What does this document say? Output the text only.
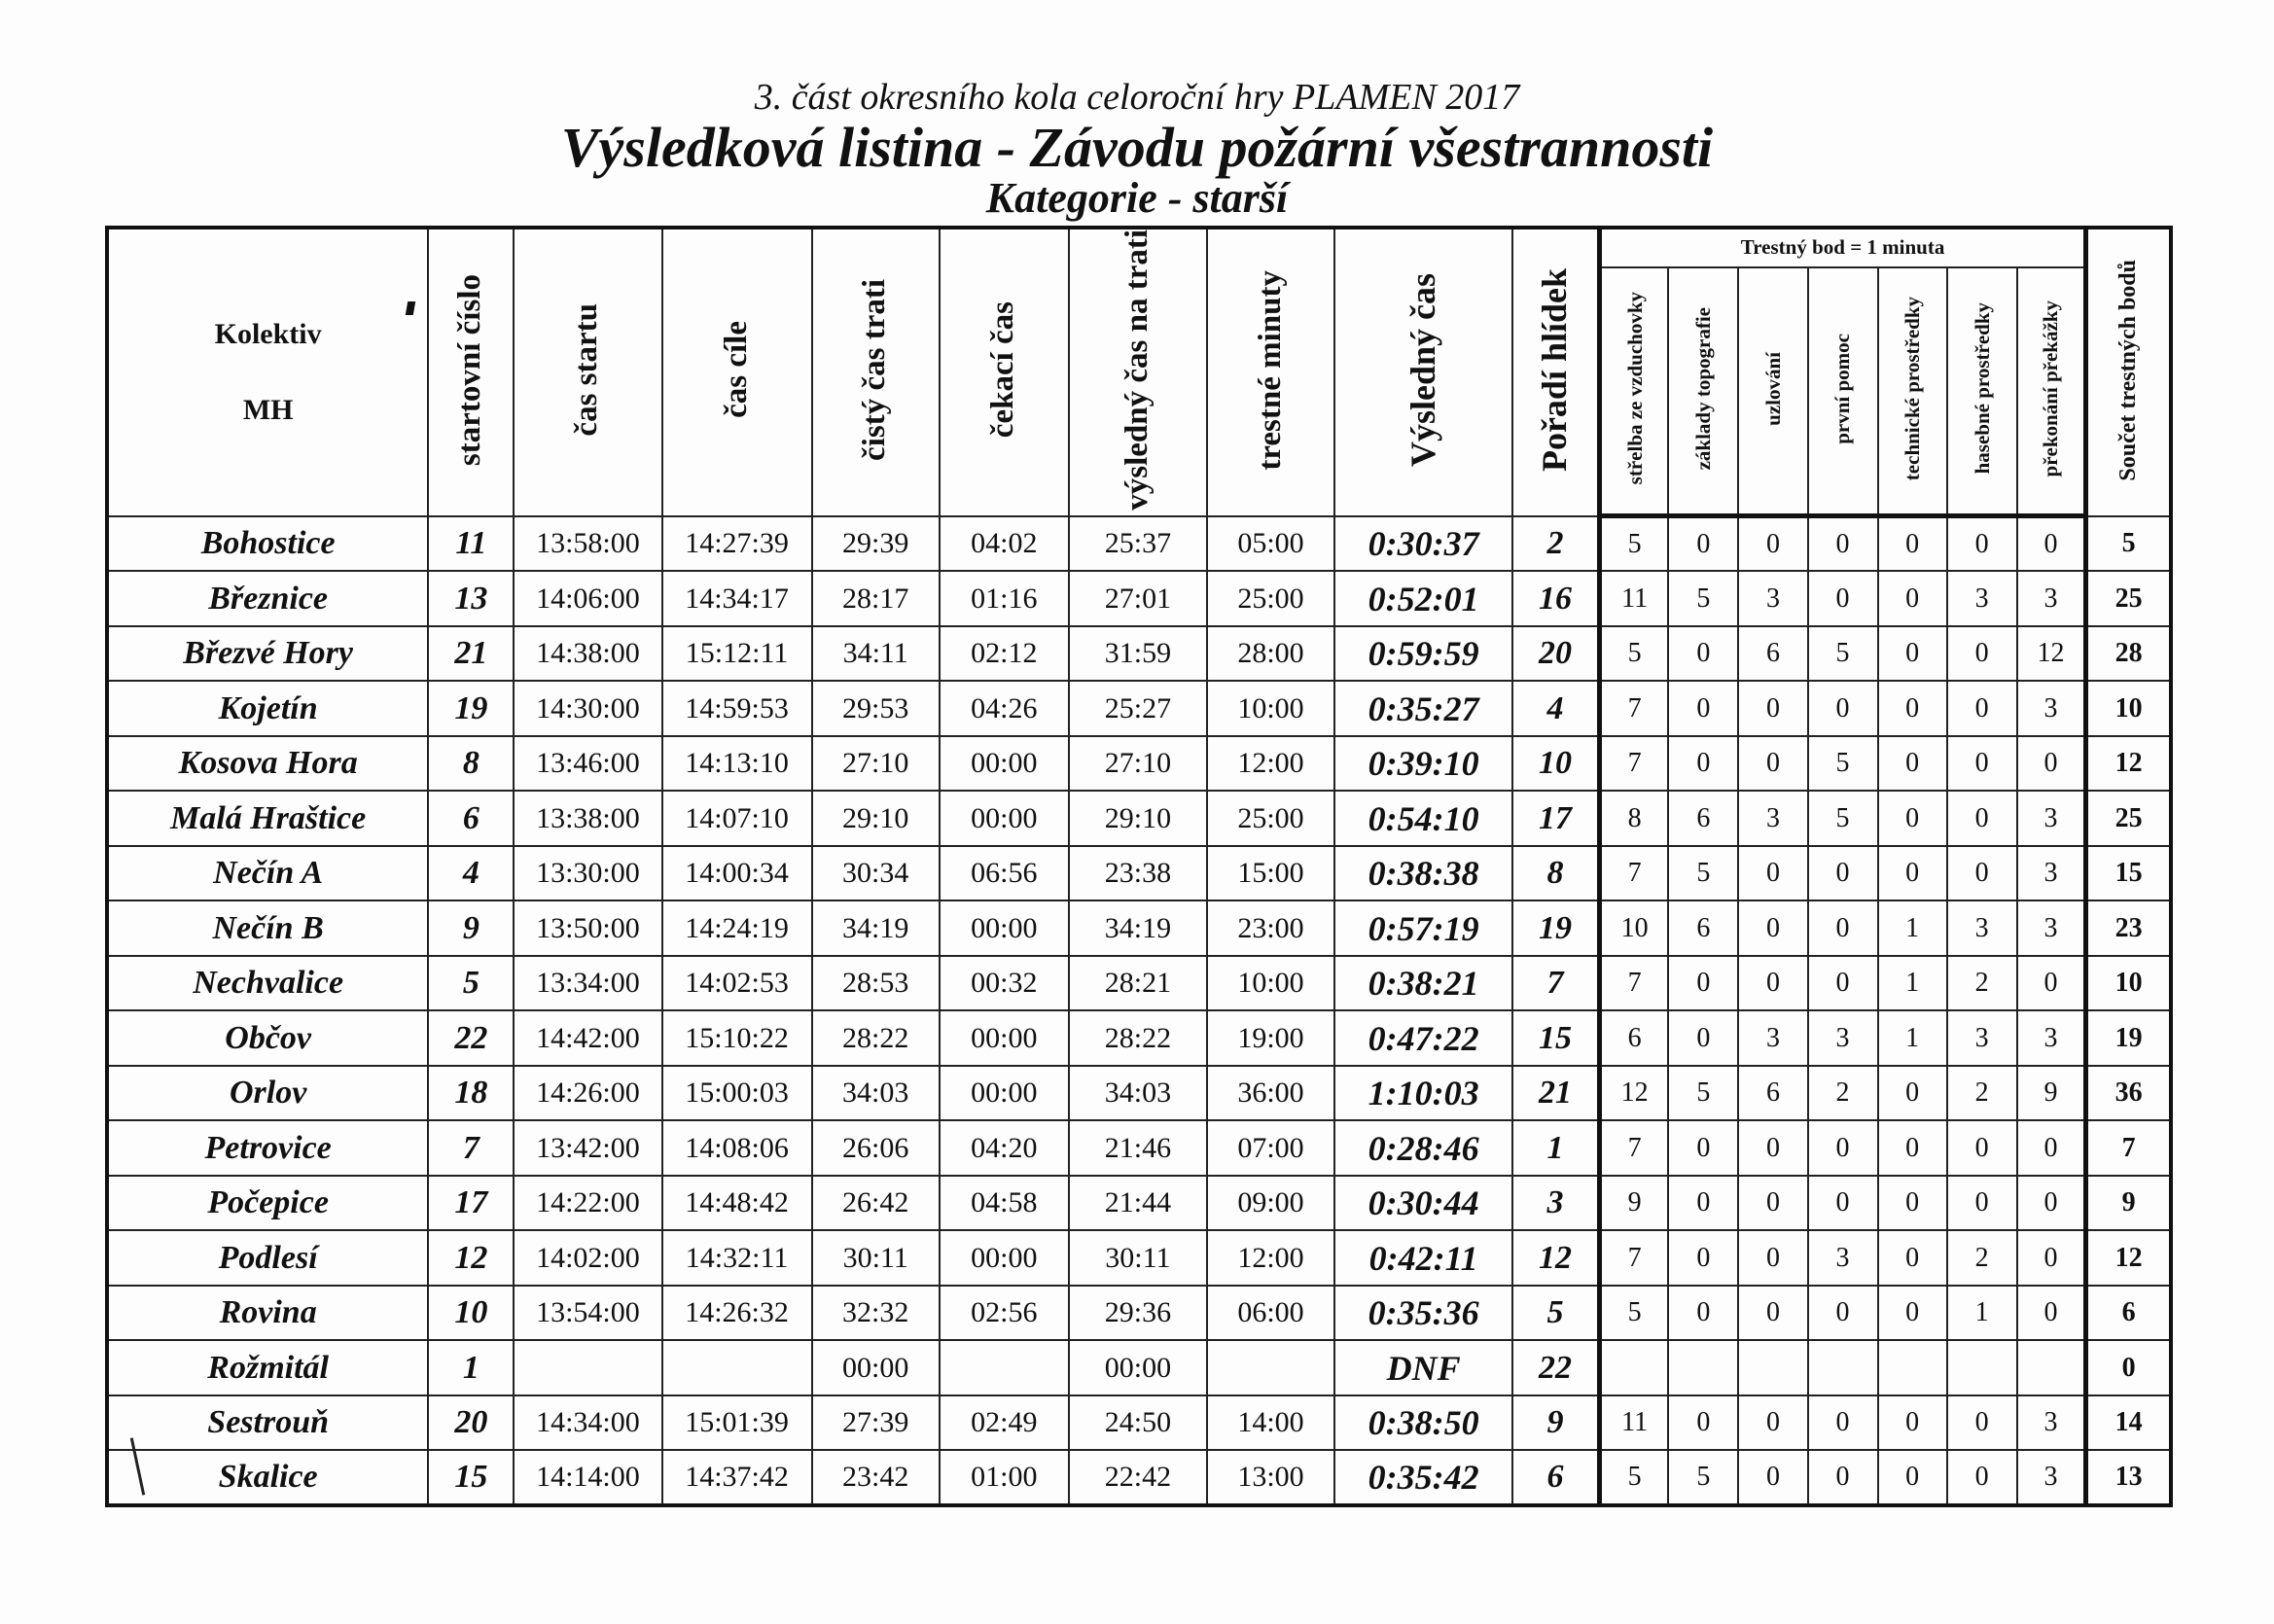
3. část okresního kola celoroční hry PLAMEN 2017
Výsledková listina - Závodu požární všestrannosti
Kategorie - starší
Kolektiv
MH	startovní číslo	čas startu	čas cíle	čistý čas trati	čekací čas	výsledný čas na trati	trestné minuty	Výsledný čas	Pořadí hlídek	Trestný bod = 1 minuta							Součet trestných bodů
										střelba ze vzduchovky	základy topografie	uzlování	první pomoc	technické prostředky	hasebné prostředky	překonání překážky	
Bohostice	11	13:58:00	14:27:39	29:39	04:02	25:37	05:00	0:30:37	2	5	0	0	0	0	0	0	5
Březnice	13	14:06:00	14:34:17	28:17	01:16	27:01	25:00	0:52:01	16	11	5	3	0	0	3	3	25
Březvé Hory	21	14:38:00	15:12:11	34:11	02:12	31:59	28:00	0:59:59	20	5	0	6	5	0	0	12	28
Kojetín	19	14:30:00	14:59:53	29:53	04:26	25:27	10:00	0:35:27	4	7	0	0	0	0	0	3	10
Kosova Hora	8	13:46:00	14:13:10	27:10	00:00	27:10	12:00	0:39:10	10	7	0	0	5	0	0	0	12
Malá Hraštice	6	13:38:00	14:07:10	29:10	00:00	29:10	25:00	0:54:10	17	8	6	3	5	0	0	3	25
Nečín A	4	13:30:00	14:00:34	30:34	06:56	23:38	15:00	0:38:38	8	7	5	0	0	0	0	3	15
Nečín B	9	13:50:00	14:24:19	34:19	00:00	34:19	23:00	0:57:19	19	10	6	0	0	1	3	3	23
Nechvalice	5	13:34:00	14:02:53	28:53	00:32	28:21	10:00	0:38:21	7	7	0	0	0	1	2	0	10
Občov	22	14:42:00	15:10:22	28:22	00:00	28:22	19:00	0:47:22	15	6	0	3	3	1	3	3	19
Orlov	18	14:26:00	15:00:03	34:03	00:00	34:03	36:00	1:10:03	21	12	5	6	2	0	2	9	36
Petrovice	7	13:42:00	14:08:06	26:06	04:20	21:46	07:00	0:28:46	1	7	0	0	0	0	0	0	7
Počepice	17	14:22:00	14:48:42	26:42	04:58	21:44	09:00	0:30:44	3	9	0	0	0	0	0	0	9
Podlesí	12	14:02:00	14:32:11	30:11	00:00	30:11	12:00	0:42:11	12	7	0	0	3	0	2	0	12
Rovina	10	13:54:00	14:26:32	32:32	02:56	29:36	06:00	0:35:36	5	5	0	0	0	0	1	0	6
Rožmitál	1			00:00		00:00		DNF	22								0
Sestrouň	20	14:34:00	15:01:39	27:39	02:49	24:50	14:00	0:38:50	9	11	0	0	0	0	0	3	14
Skalice	15	14:14:00	14:37:42	23:42	01:00	22:42	13:00	0:35:42	6	5	5	0	0	0	0	3	13
